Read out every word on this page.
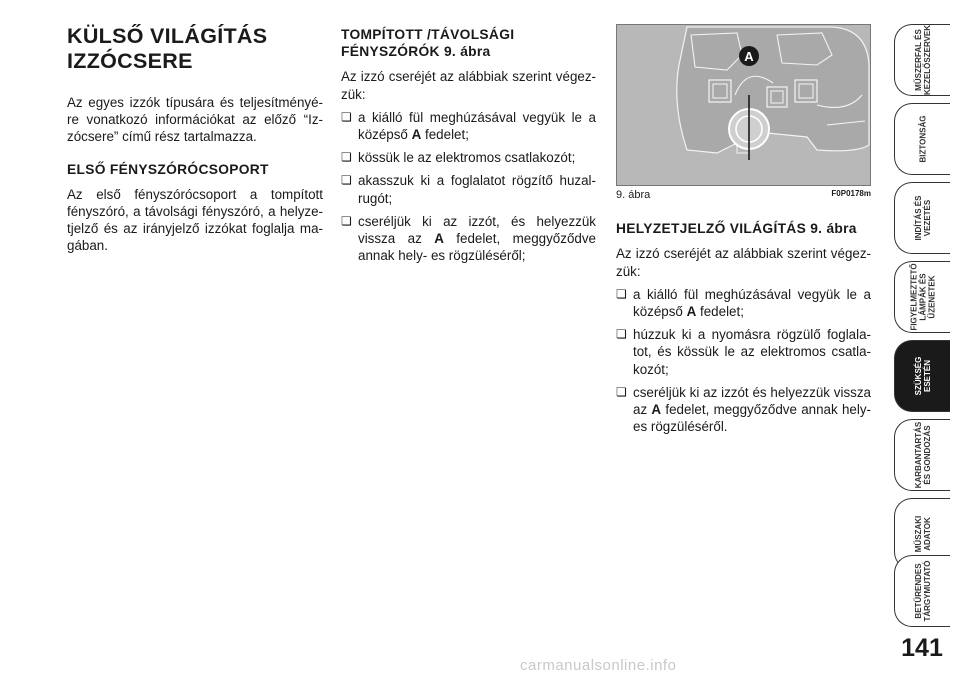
KÜLSŐ VILÁGÍTÁS IZZÓCSERE

Az egyes izzók típusára és teljesítményé- re vonatkozó információkat az előző “Iz- zócsere” című rész tartalmazza.

ELSŐ FÉNYSZÓRÓCSOPORT

Az első fényszórócsoport a tompított fényszóró, a távolsági fényszóró, a helyze- tjelző és az irányjelző izzókat foglalja ma- gában.

TOMPÍTOTT /TÁVOLSÁGI FÉNYSZÓRÓK 9. ábra

Az izzó cseréjét az alábbiak szerint végez- zük:

❏ a kiálló fül meghúzásával vegyük le a középső A fedelet;
❏ kössük le az elektromos csatlakozót;
❏ akasszuk ki a foglalatot rögzítő huzal- rugót;
❏ cseréljük ki az izzót, és helyezzük vissza az A fedelet, meggyőződve annak hely- es rögzüléséről;
A
9. ábra	F0P0178m
HELYZETJELZŐ VILÁGÍTÁS 9. ábra

Az izzó cseréjét az alábbiak szerint végez- zük:

❏ a kiálló fül meghúzásával vegyük le a középső A fedelet;
❏ húzzuk ki a nyomásra rögzülő foglala- tot, és kössük le az elektromos csatla- kozót;
❏ cseréljük ki az izzót és helyezzük vissza az A fedelet, meggyőződve annak hely- es rögzüléséről.
MŰSZERFAL ÉS
KEZELŐSZERVEK
BIZTONSÁG
INDÍTÁS ÉS
VEZETÉS
FIGYELMEZTETŐ
LÁMPÁK ÉS
ÜZENETEK
SZÜKSÉG
ESETÉN
KARBANTARTÁS
ÉS GONDOZÁS
MŰSZAKI
ADATOK
BETŰRENDES
TÁRGYMUTATÓ
141
carmanualsonline.info
